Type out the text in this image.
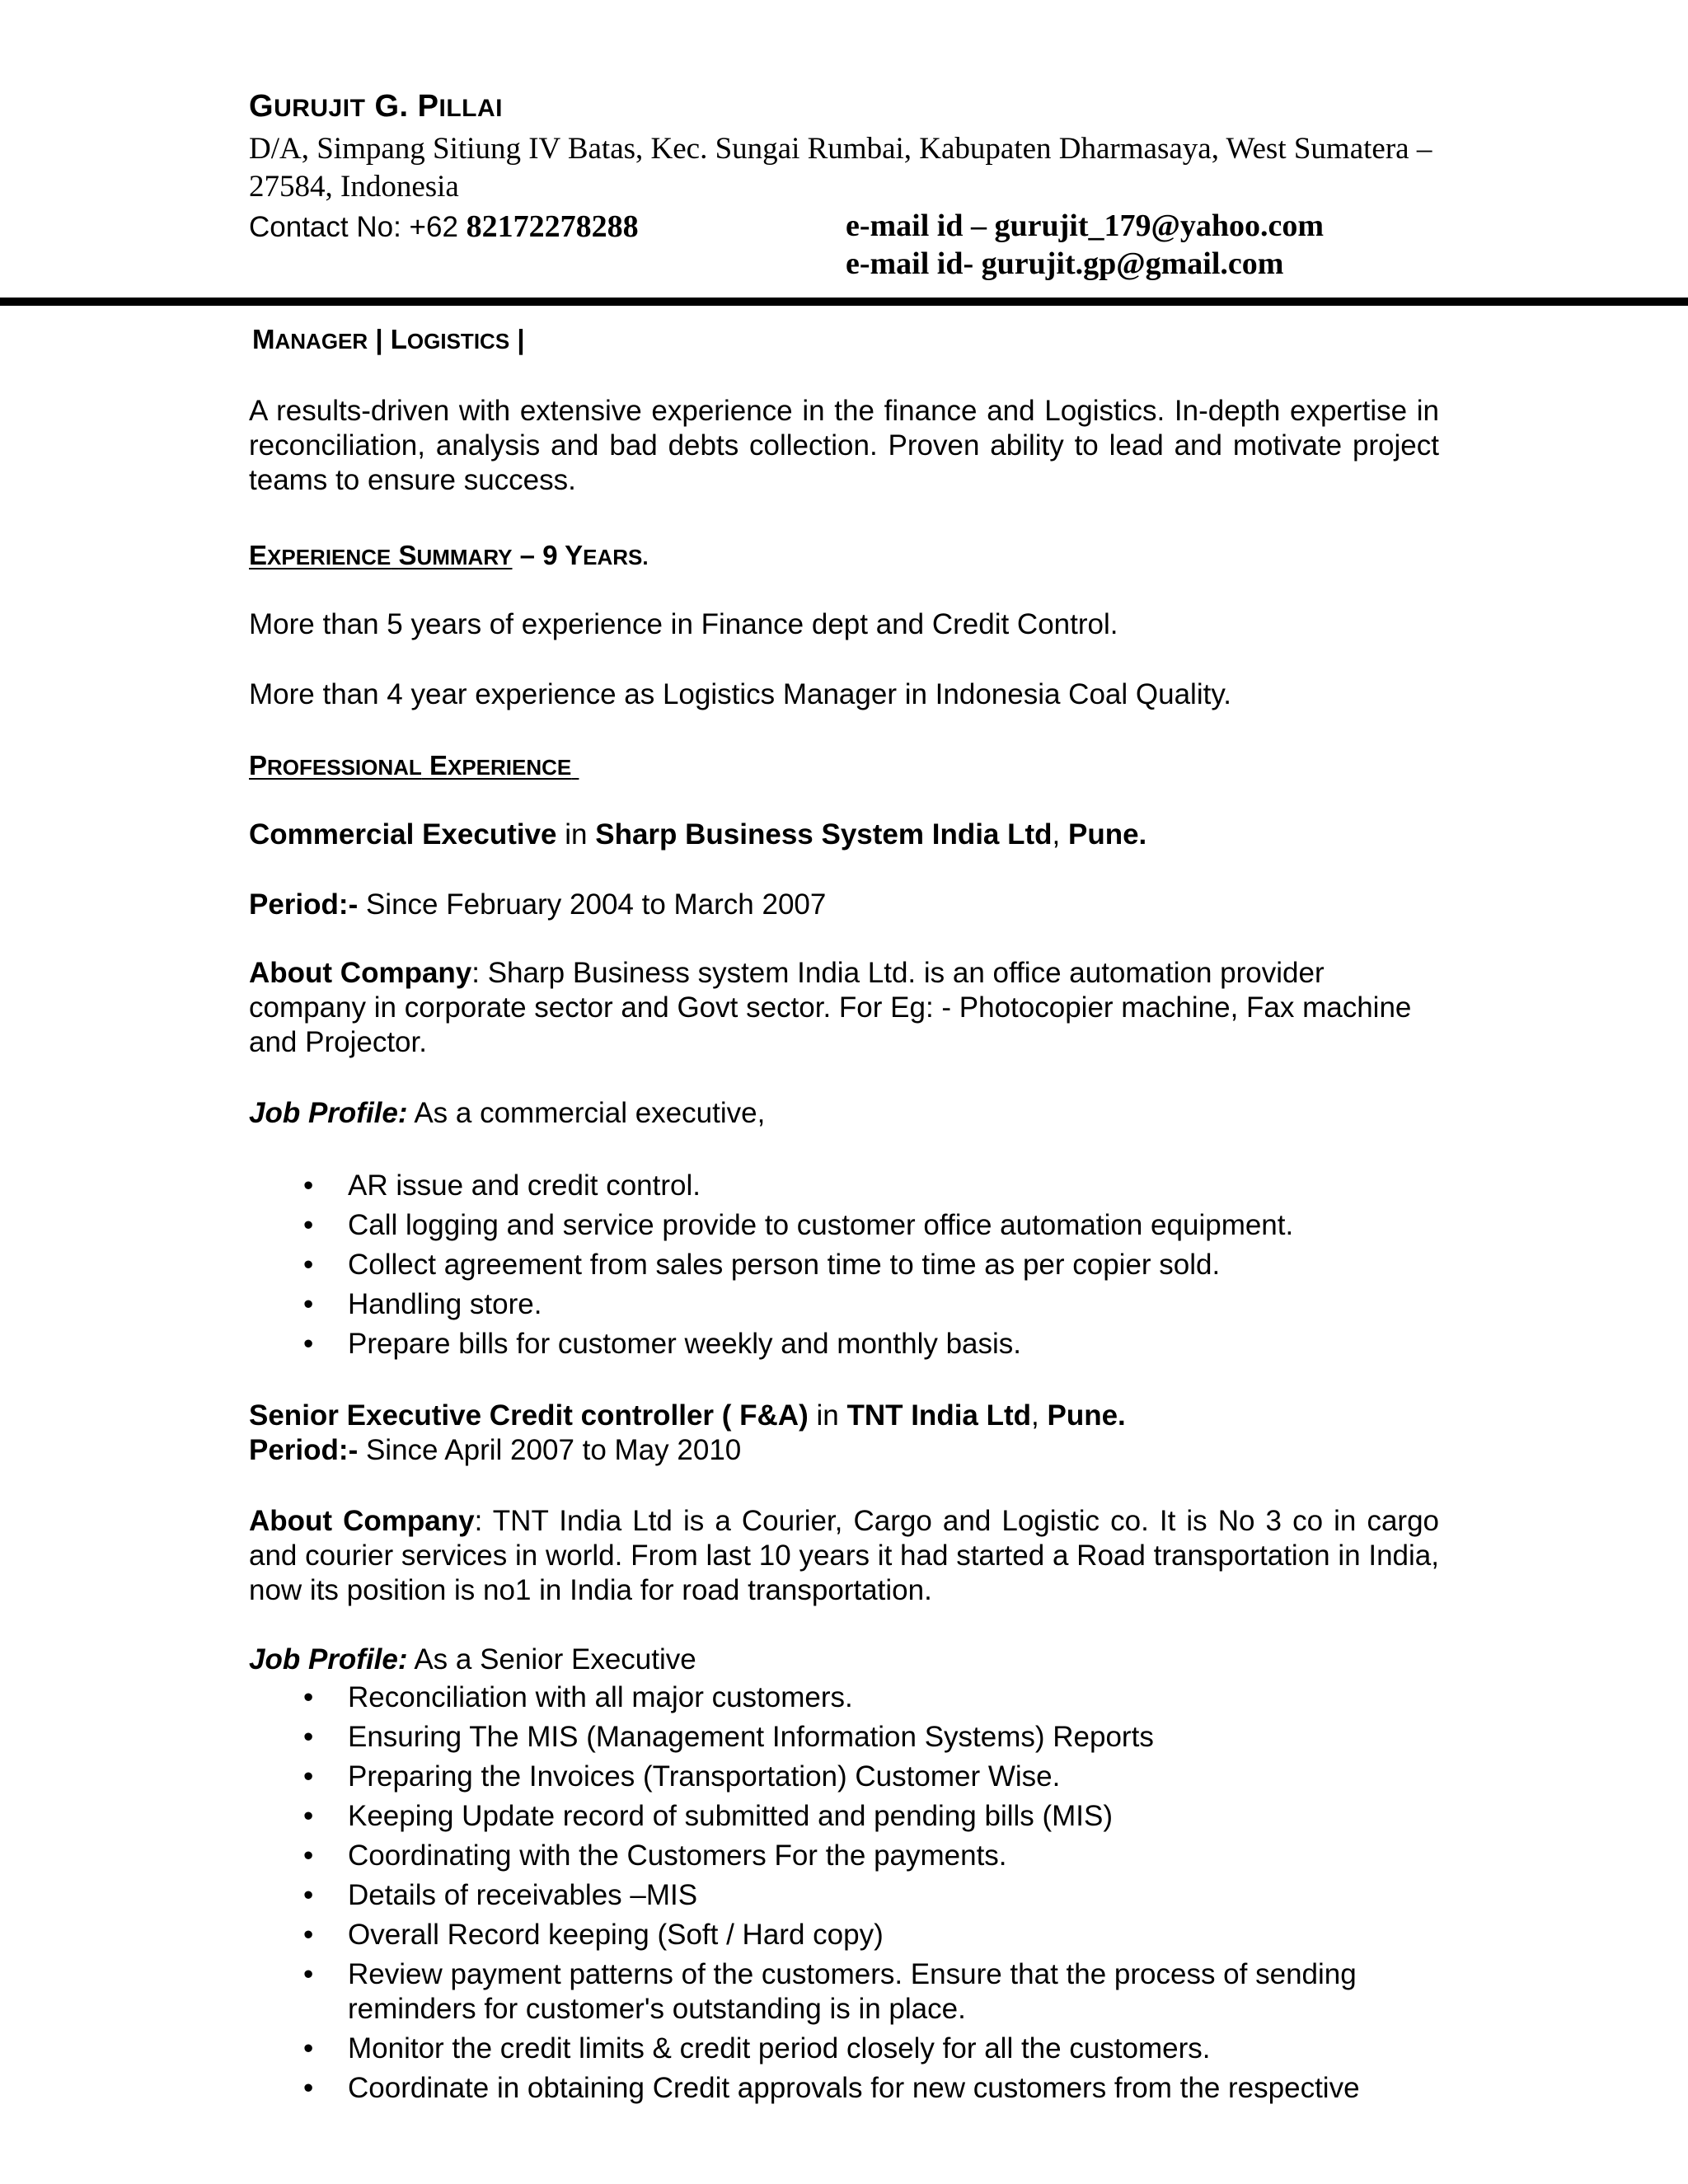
GURUJIT G. PILLAI
D/A, Simpang Sitiung IV Batas, Kec. Sungai Rumbai, Kabupaten Dharmasaya, West Sumatera – 27584, Indonesia
Contact No: +62 82172278288	e-mail id – gurujit_179@yahoo.com
e-mail id- gurujit.gp@gmail.com
MANAGER | LOGISTICS |
A results-driven with extensive experience in the finance and Logistics. In-depth expertise in reconciliation, analysis and bad debts collection. Proven ability to lead and motivate project teams to ensure success.
EXPERIENCE SUMMARY – 9 YEARS.
More than 5 years of experience in Finance dept and Credit Control.
More than 4 year experience as Logistics Manager in Indonesia Coal Quality.
PROFESSIONAL EXPERIENCE
Commercial Executive in Sharp Business System India Ltd, Pune.
Period:- Since February 2004 to March 2007
About Company: Sharp Business system India Ltd. is an office automation provider company in corporate sector and Govt sector. For Eg: - Photocopier machine, Fax machine and Projector.
Job Profile: As a commercial executive,
• AR issue and credit control.
• Call logging and service provide to customer office automation equipment.
• Collect agreement from sales person time to time as per copier sold.
• Handling store.
• Prepare bills for customer weekly and monthly basis.
Senior Executive Credit controller ( F&A) in TNT India Ltd, Pune.
Period:- Since April 2007 to May 2010
About Company: TNT India Ltd is a Courier, Cargo and Logistic co. It is No 3 co in cargo and courier services in world. From last 10 years it had started a Road transportation in India, now its position is no1 in India for road transportation.
Job Profile: As a Senior Executive
• Reconciliation with all major customers.
• Ensuring The MIS (Management Information Systems) Reports
• Preparing the Invoices (Transportation) Customer Wise.
• Keeping Update record of submitted and pending bills (MIS)
• Coordinating with the Customers For the payments.
• Details of receivables –MIS
• Overall Record keeping (Soft / Hard copy)
• Review payment patterns of the customers. Ensure that the process of sending reminders for customer's outstanding is in place.
• Monitor the credit limits & credit period closely for all the customers.
• Coordinate in obtaining Credit approvals for new customers from the respective
